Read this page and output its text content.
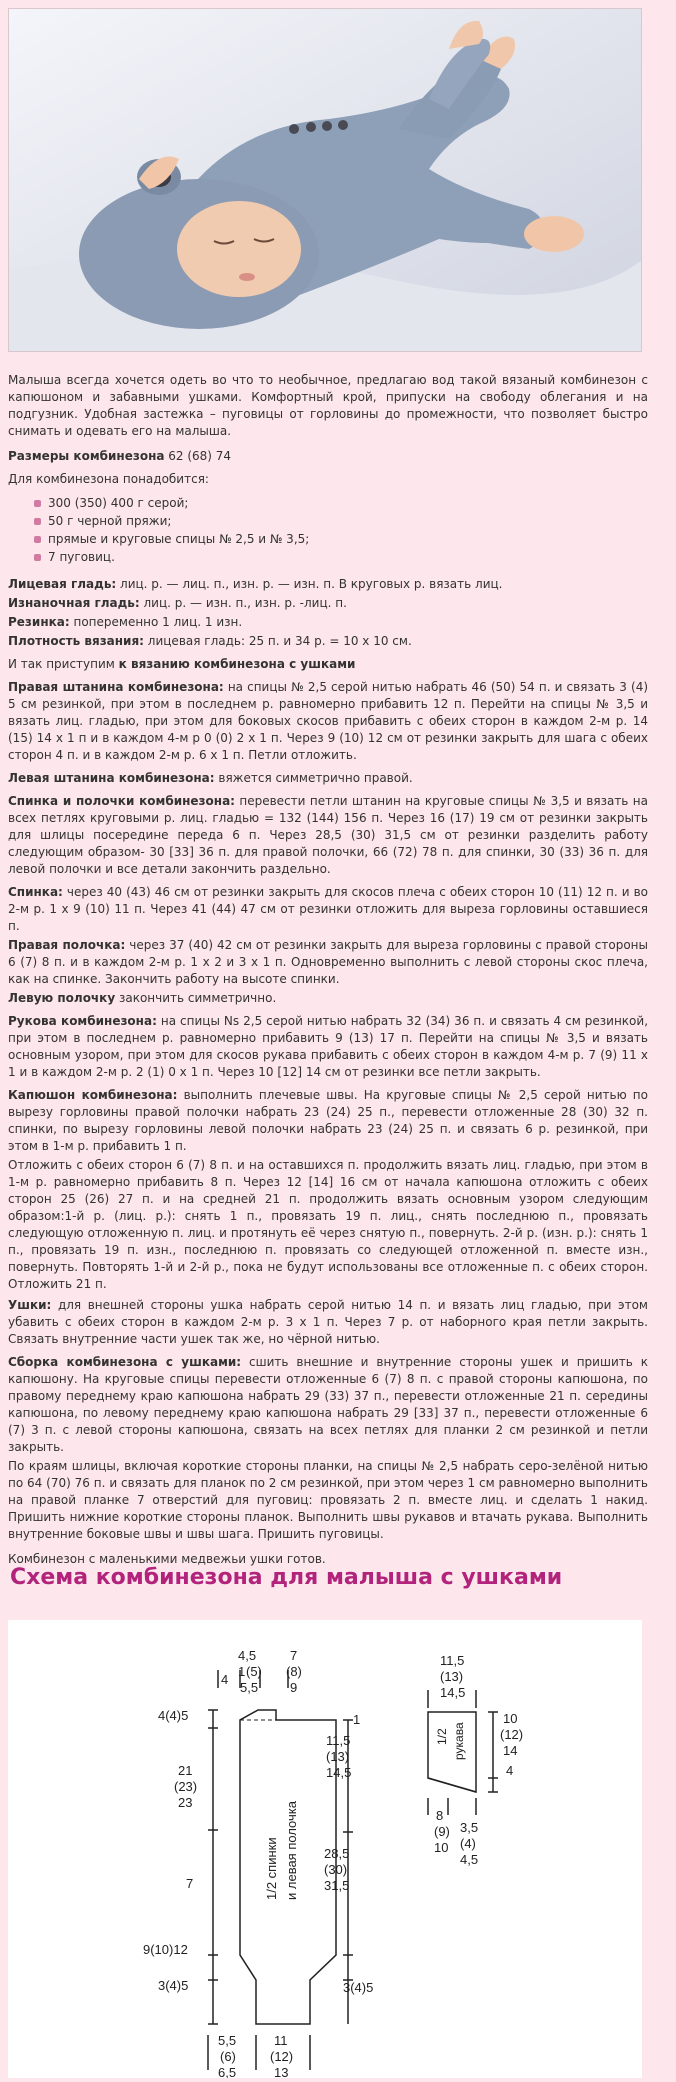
Малыша всегда хочется одеть во что то необычное, предлагаю вод такой вязаный комбинезон с капюшоном и забавными ушками. Комфортный крой, припуски на свободу облегания и на подгузник. Удобная застежка – пуговицы от горловины до промежности, что позволяет быстро снимать и одевать его на малыша.

Размеры комбинезона 62 (68) 74

Для комбинезона понадобится:

300 (350) 400 г серой;
50 г черной пряжи;
прямые и круговые спицы № 2,5 и № 3,5;
7 пуговиц.

Лицевая гладь: лиц. р. — лиц. п., изн. р. — изн. п. В круговых р. вязать лиц.

Изнаночная гладь: лиц. р. — изн. п., изн. р. -лиц. п.

Резинка: попеременно 1 лиц. 1 изн.

Плотность вязания: лицевая гладь: 25 п. и 34 р. = 10 х 10 см.

И так приступим к вязанию комбинезона с ушками

Правая штанина комбинезона: на спицы № 2,5 серой нитью набрать 46 (50) 54 п. и связать 3 (4) 5 см резинкой, при этом в последнем р. равномерно прибавить 12 п. Перейти на спицы № 3,5 и вязать лиц. гладью, при этом для боковых скосов прибавить с обеих сторон в каждом 2-м р. 14 (15) 14 х 1 п и в каждом 4-м р 0 (0) 2 х 1 п. Через 9 (10) 12 см от резинки закрыть для шага с обеих сторон 4 п. и в каждом 2-м р. 6 х 1 п. Петли отложить.

Левая штанина комбинезона: вяжется симметрично правой.

Спинка и полочки комбинезона: перевести петли штанин на круговые спицы № 3,5 и вязать на всех петлях круговыми р. лиц. гладью = 132 (144) 156 п. Через 16 (17) 19 см от резинки закрыть для шлицы посередине переда 6 п. Через 28,5 (30) 31,5 см от резинки разделить работу следующим образом- 30 [33] 36 п. для правой полочки, 66 (72) 78 п. для спинки, 30 (33) 36 п. для левой полочки и все детали закончить раздельно.

Спинка: через 40 (43) 46 см от резинки закрыть для скосов плеча с обеих сторон 10 (11) 12 п. и во 2-м р. 1 х 9 (10) 11 п. Через 41 (44) 47 см от резинки отложить для выреза горловины оставшиеся п.

Правая полочка: через 37 (40) 42 см от резинки закрыть для выреза горловины с правой стороны 6 (7) 8 п. и в каждом 2-м р. 1 х 2 и 3 х 1 п. Одновременно выполнить с левой стороны скос плеча, как на спинке. Закончить работу на высоте спинки.

Левую полочку закончить симметрично.

Рукова комбинезона: на спицы Ns 2,5 серой нитью набрать 32 (34) 36 п. и связать 4 см резинкой, при этом в последнем р. равномерно прибавить 9 (13) 17 п. Перейти на спицы № 3,5 и вязать основным узором, при этом для скосов рукава прибавить с обеих сторон в каждом 4-м р. 7 (9) 11 х 1 и в каждом 2-м р. 2 (1) 0 х 1 п. Через 10 [12] 14 см от резинки все петли закрыть.

Капюшон комбинезона: выполнить плечевые швы. На круговые спицы № 2,5 серой нитью по вырезу горловины правой полочки набрать 23 (24) 25 п., перевести отложенные 28 (30) 32 п. спинки, по вырезу горловины левой полочки набрать 23 (24) 25 п. и связать 6 р. резинкой, при этом в 1-м р. прибавить 1 п.

Отложить с обеих сторон 6 (7) 8 п. и на оставшихся п. продолжить вязать лиц. гладью, при этом в 1-м р. равномерно прибавить 8 п. Через 12 [14] 16 см от начала капюшона отложить с обеих сторон 25 (26) 27 п. и на средней 21 п. продолжить вязать основным узором следующим образом:1-й р. (лиц. р.): снять 1 п., провязать 19 п. лиц., снять последнюю п., провязать следующую отложенную п. лиц. и протянуть её через снятую п., повернуть. 2-й р. (изн. р.): снять 1 п., провязать 19 п. изн., последнюю п. провязать со следующей отложенной п. вместе изн., повернуть. Повторять 1-й и 2-й р., пока не будут использованы все отложенные п. с обеих сторон. Отложить 21 п.

Ушки: для внешней стороны ушка набрать серой нитью 14 п. и вязать лиц гладью, при этом убавить с обеих сторон в каждом 2-м р. 3 х 1 п. Через 7 р. от наборного края петли закрыть. Связать внутренние части ушек так же, но чёрной нитью.

Сборка комбинезона с ушками: сшить внешние и внутренние стороны ушек и пришить к капюшону. На круговые спицы перевести отложенные 6 (7) 8 п. с правой стороны капюшона, по правому переднему краю капюшона набрать 29 (33) 37 п., перевести отложенные 21 п. середины капюшона, по левому переднему краю капюшона набрать 29 [33] 37 п., перевести отложенные 6 (7) 3 п. с левой стороны капюшона, связать на всех петлях для планки 2 см резинкой и петли закрыть.

По краям шлицы, включая короткие стороны планки, на спицы № 2,5 набрать серо-зелёной нитью по 64 (70) 76 п. и связать для планок по 2 см резинкой, при этом через 1 см равномерно выполнить на правой планке 7 отверстий для пуговиц: провязать 2 п. вместе лиц. и сделать 1 накид. Пришить нижние короткие стороны планок. Выполнить швы рукавов и втачать рукава. Выполнить внутренние боковые швы и швы шага. Пришить пуговицы.

Комбинезон с маленькими медвежьи ушки готов.

Схема комбинезона для малыша с ушками
1/2 спинки и левая полочка
4
4,5
1 (5)
5,5
7
(8)
9
4(4)5
21
(23)
23
7
9(10)12
3(4)5
1
11,5
(13)
14,5
28,5
(30)
31,5
3(4)5
5,5
(6)
6,5
11
(12)
13
1/2 рукава
11,5
(13)
14,5
10
(12)
14
4
8
(9)
10
3,5
(4)
4,5
